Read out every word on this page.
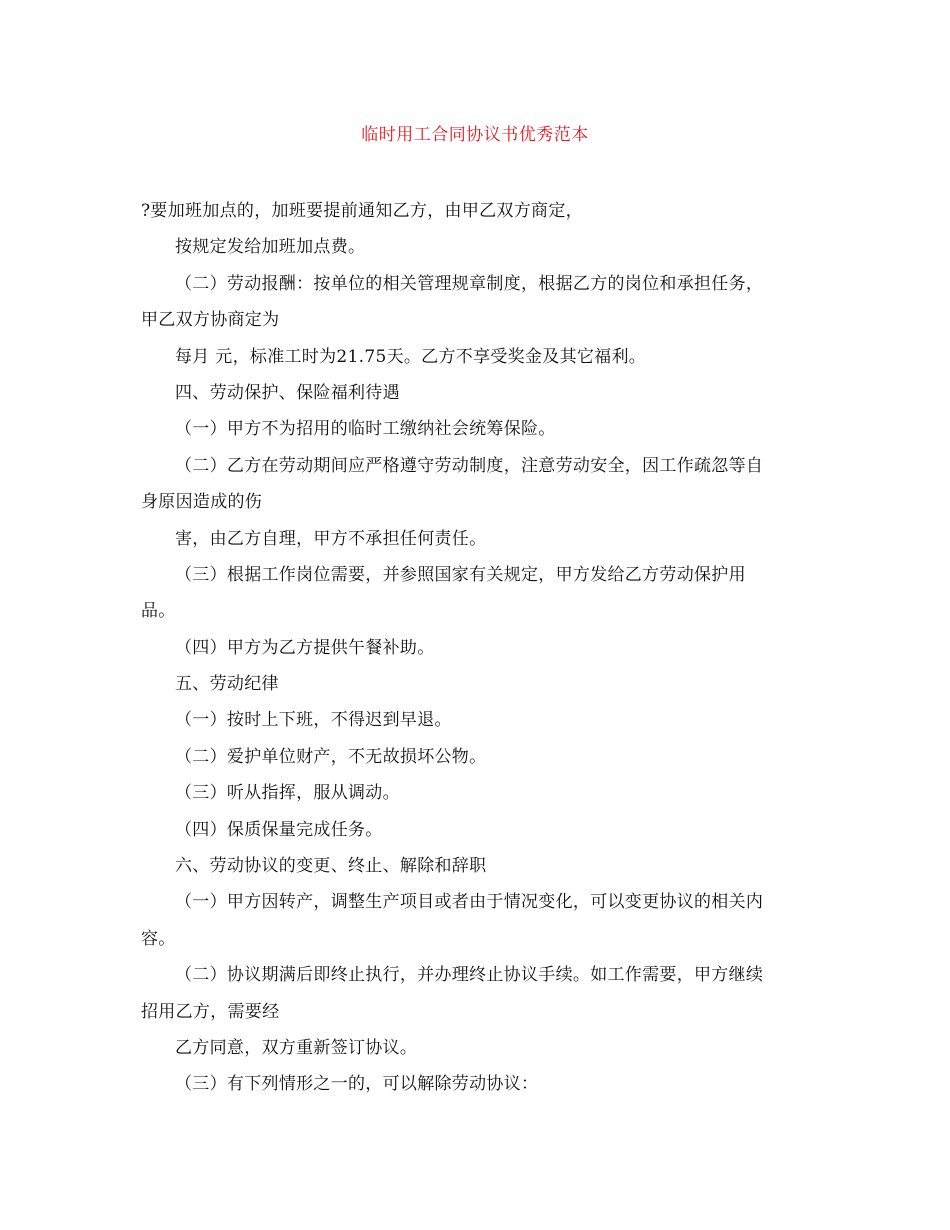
临时用工合同协议书优秀范本
?要加班加点的，加班要提前通知乙方，由甲乙双方商定，
按规定发给加班加点费。
（二）劳动报酬：按单位的相关管理规章制度，根据乙方的岗位和承担任务，
甲乙双方协商定为
每月 元，标准工时为21.75天。乙方不享受奖金及其它福利。
四、劳动保护、保险福利待遇
（一）甲方不为招用的临时工缴纳社会统筹保险。
（二）乙方在劳动期间应严格遵守劳动制度，注意劳动安全，因工作疏忽等自
身原因造成的伤
害，由乙方自理，甲方不承担任何责任。
（三）根据工作岗位需要，并参照国家有关规定，甲方发给乙方劳动保护用
品。
（四）甲方为乙方提供午餐补助。
五、劳动纪律
（一）按时上下班，不得迟到早退。
（二）爱护单位财产，不无故损坏公物。
（三）听从指挥，服从调动。
（四）保质保量完成任务。
六、劳动协议的变更、终止、解除和辞职
（一）甲方因转产，调整生产项目或者由于情况变化，可以变更协议的相关内
容。
（二）协议期满后即终止执行，并办理终止协议手续。如工作需要，甲方继续
招用乙方，需要经
乙方同意，双方重新签订协议。
（三）有下列情形之一的，可以解除劳动协议：
